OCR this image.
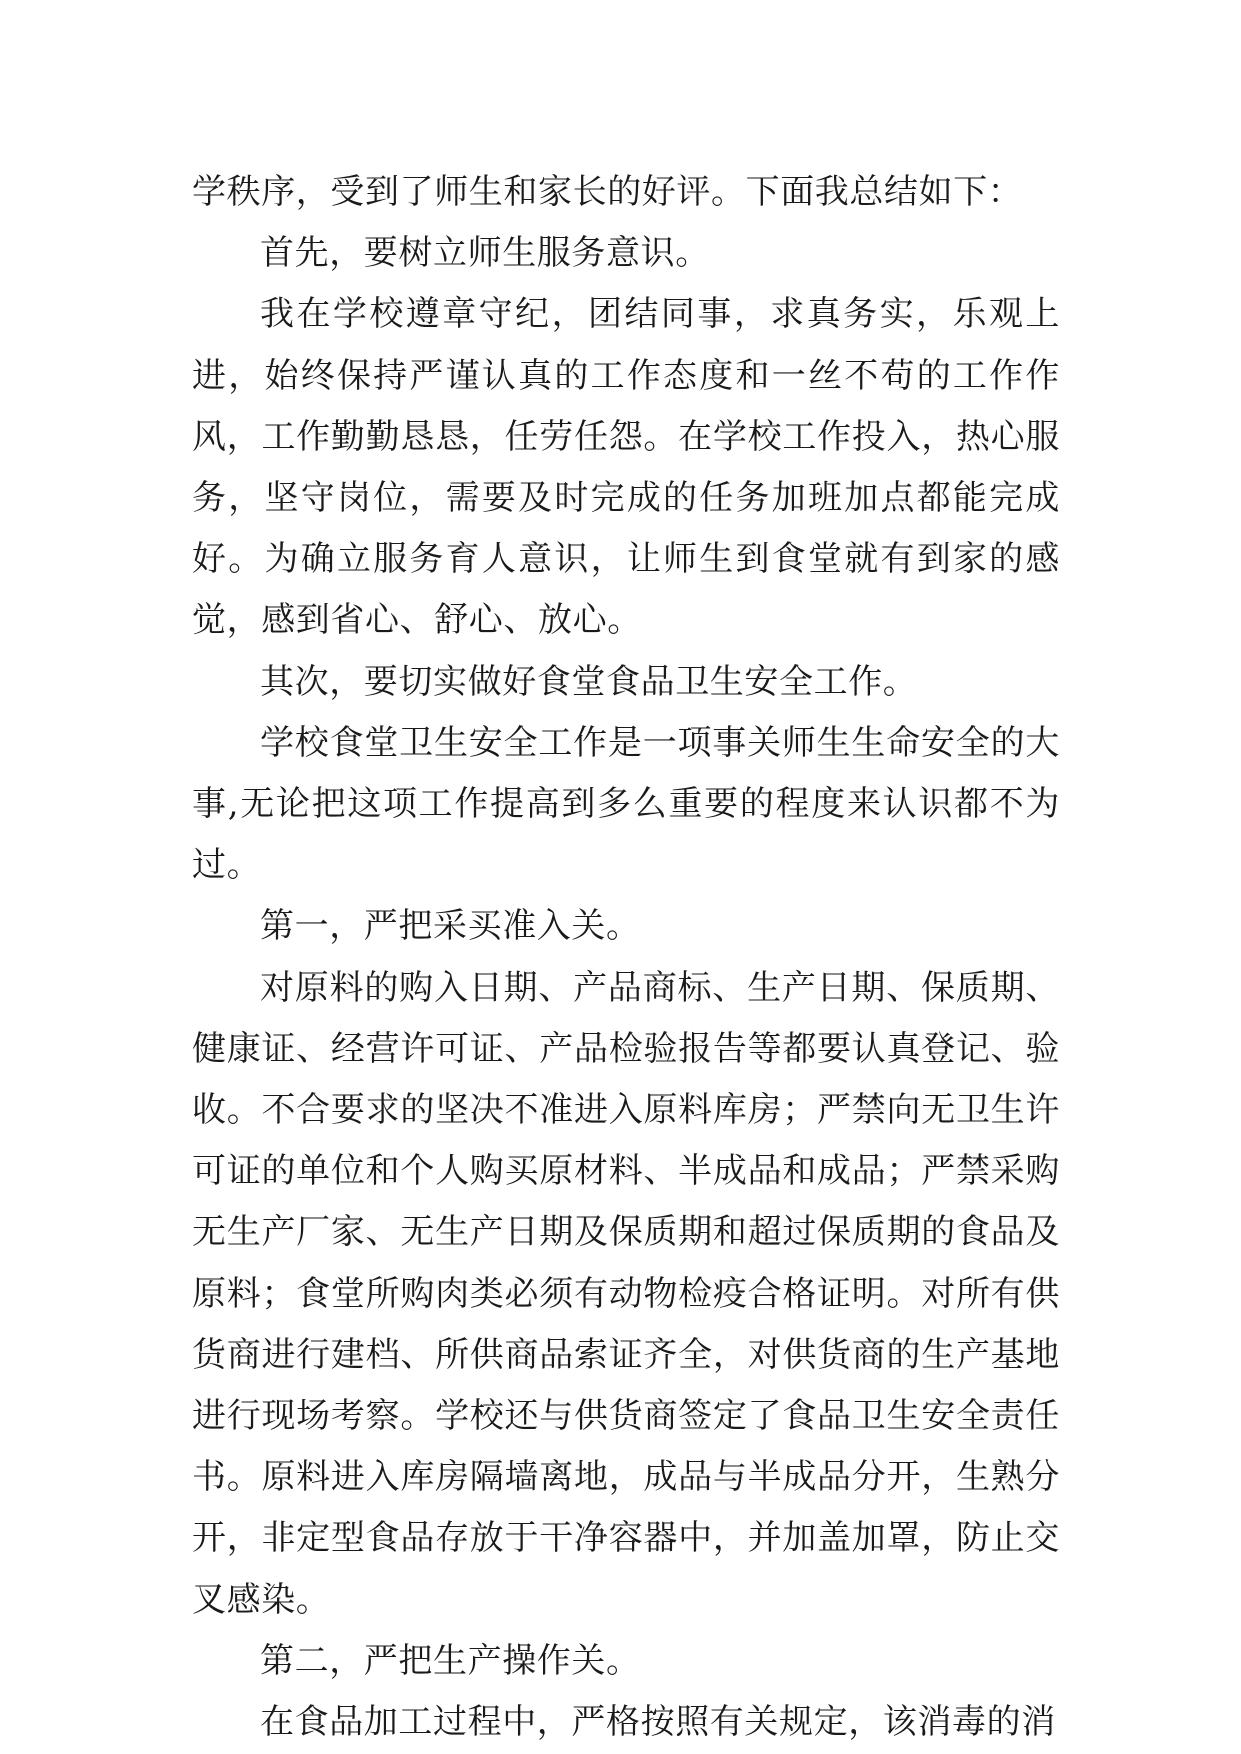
学秩序，受到了师生和家长的好评。下面我总结如下：

首先，要树立师生服务意识。

我在学校遵章守纪，团结同事，求真务实，乐观上进，始终保持严谨认真的工作态度和一丝不苟的工作作风，工作勤勤恳恳，任劳任怨。在学校工作投入，热心服务，坚守岗位，需要及时完成的任务加班加点都能完成好。为确立服务育人意识，让师生到食堂就有到家的感觉，感到省心、舒心、放心。

其次，要切实做好食堂食品卫生安全工作。

学校食堂卫生安全工作是一项事关师生生命安全的大事,无论把这项工作提高到多么重要的程度来认识都不为过。

第一，严把采买准入关。

对原料的购入日期、产品商标、生产日期、保质期、健康证、经营许可证、产品检验报告等都要认真登记、验收。不合要求的坚决不准进入原料库房；严禁向无卫生许可证的单位和个人购买原材料、半成品和成品；严禁采购无生产厂家、无生产日期及保质期和超过保质期的食品及原料；食堂所购肉类必须有动物检疫合格证明。对所有供货商进行建档、所供商品索证齐全，对供货商的生产基地进行现场考察。学校还与供货商签定了食品卫生安全责任书。原料进入库房隔墙离地，成品与半成品分开，生熟分开，非定型食品存放于干净容器中，并加盖加罩，防止交叉感染。

第二，严把生产操作关。

在食品加工过程中，严格按照有关规定，该消毒的消
